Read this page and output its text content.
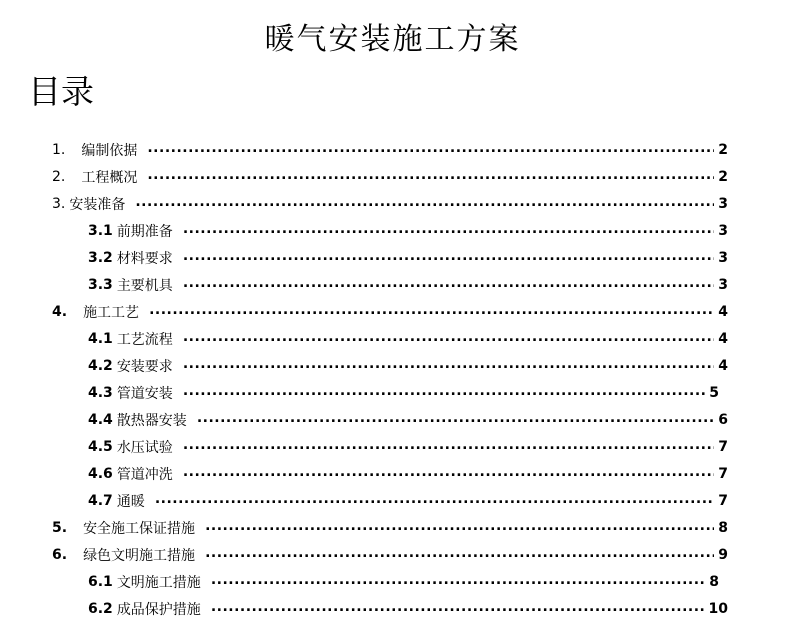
暖气安装施工方案
目录
1. 编制依据 .....	2
2. 工程概况 .....	2
3. 安装准备 .....	3
3.1 前期准备 .....	3
3.2 材料要求 .....	3
3.3 主要机具 .....	3
4. 施工工艺 .....	4
4.1 工艺流程 .....	4
4.2 安装要求 .....	4
4.3 管道安装 .....	5
4.4 散热器安装 .....	6
4.5 水压试验 .....	7
4.6 管道冲洗 .....	7
4.7 通暖 .....	7
5. 安全施工保证措施 .....	8
6. 绿色文明施工措施 .....	9
6.1 文明施工措施 .....	8
6.2 成品保护措施 .....	10
